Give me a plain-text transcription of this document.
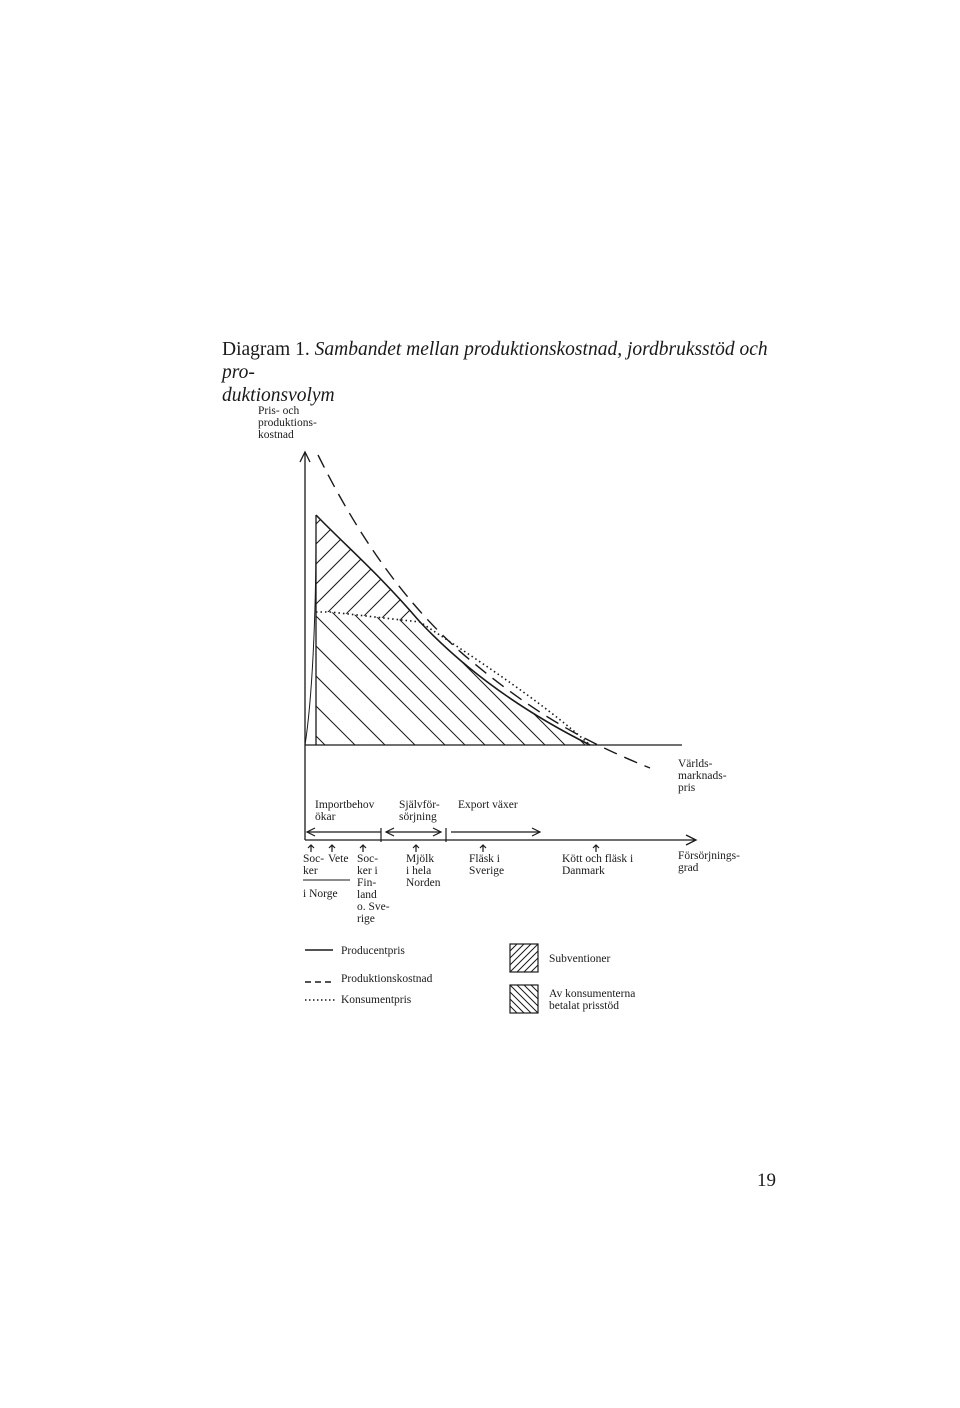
Diagram 1. Sambandet mellan produktionskostnad, jordbruksstöd och pro-
duktionsvolym
Pris- och
produktions-
kostnad
Världs-
marknads-
pris
Försörjnings-
grad
Importbehov
ökar
Självför-
sörjning
Export växer
Soc-
ker
Vete
i Norge
Soc-
ker i
Fin-
land
o. Sve-
rige
Mjölk
i hela
Norden
Fläsk i
Sverige
Kött och fläsk i
Danmark
Producentpris
Produktionskostnad
Konsumentpris
Subventioner
Av konsumenterna
betalat prisstöd
19
